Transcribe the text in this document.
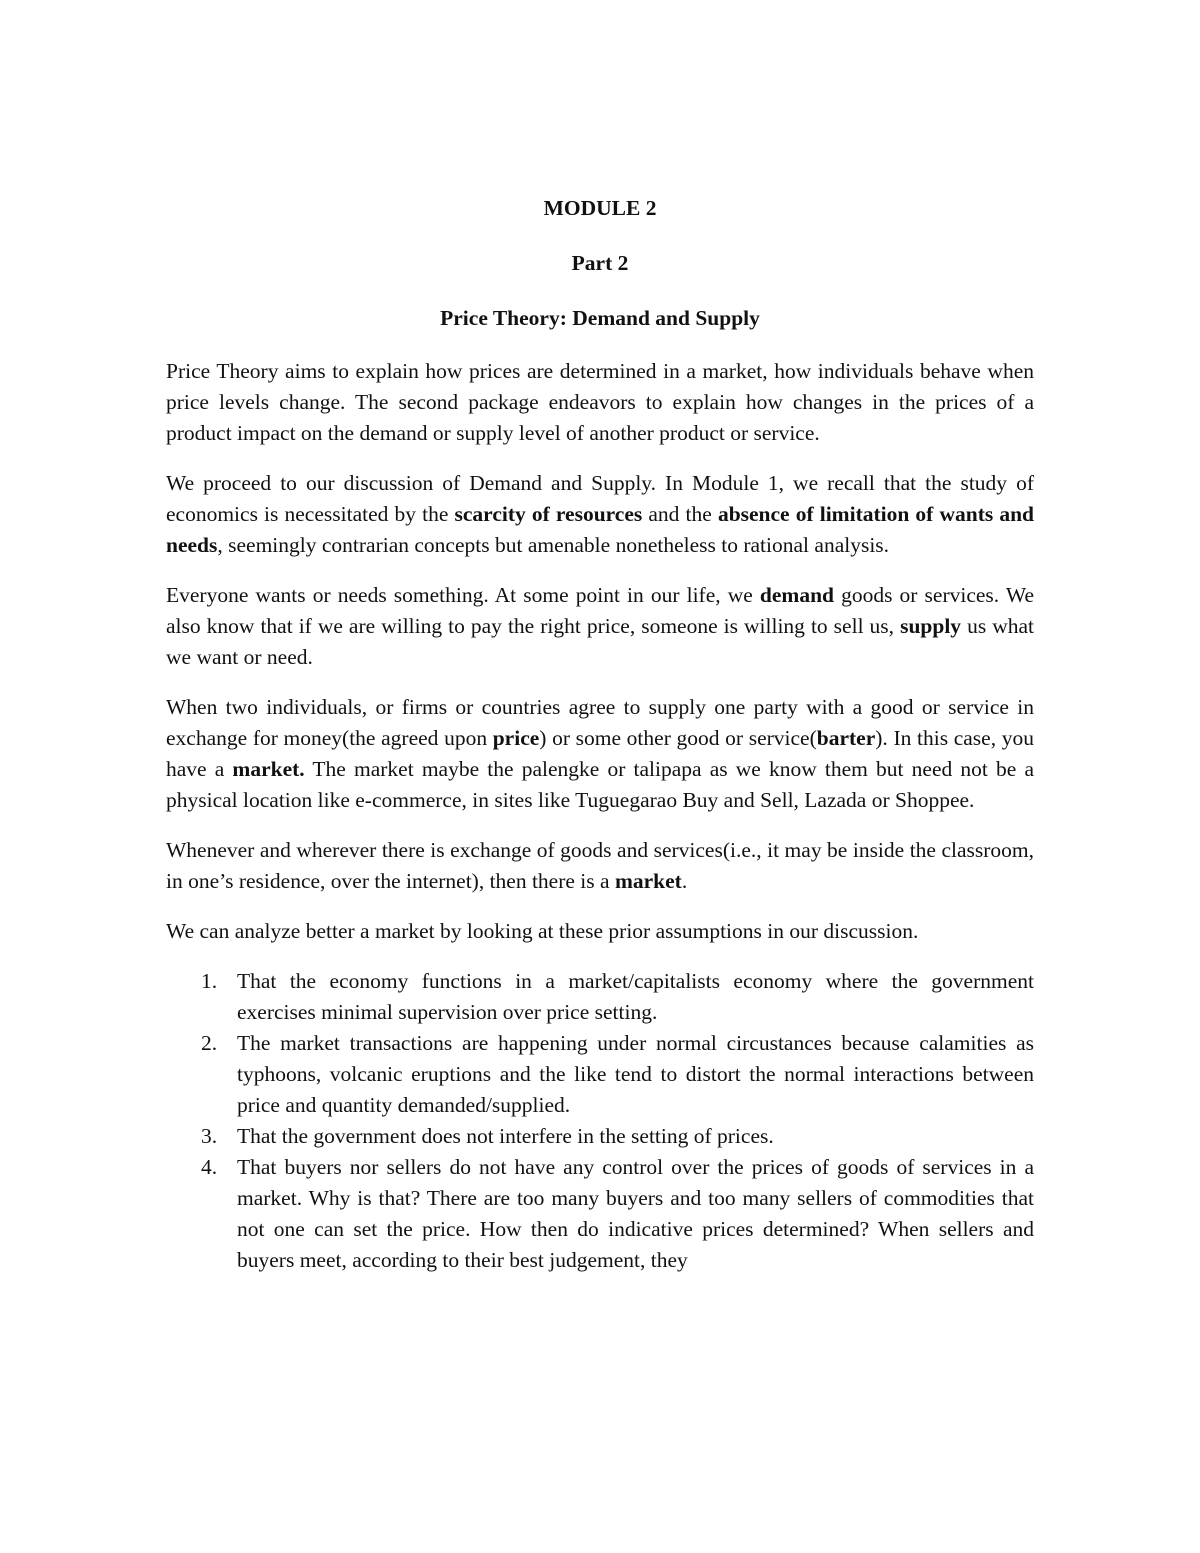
MODULE 2

Part 2

Price Theory: Demand and Supply

Price Theory aims to explain how prices are determined in a market, how individuals behave when price levels change. The second package endeavors to explain how changes in the prices of a product impact on the demand or supply level of another product or service.

We proceed to our discussion of Demand and Supply. In Module 1, we recall that the study of economics is necessitated by the scarcity of resources and the absence of limitation of wants and needs, seemingly contrarian concepts but amenable nonetheless to rational analysis.

Everyone wants or needs something. At some point in our life, we demand goods or services. We also know that if we are willing to pay the right price, someone is willing to sell us, supply us what we want or need.

When two individuals, or firms or countries agree to supply one party with a good or service in exchange for money(the agreed upon price) or some other good or service(barter). In this case, you have a market. The market maybe the palengke or talipapa as we know them but need not be a physical location like e-commerce, in sites like Tuguegarao Buy and Sell, Lazada or Shoppee.

Whenever and wherever there is exchange of goods and services(i.e., it may be inside the classroom, in one’s residence, over the internet), then there is a market.

We can analyze better a market by looking at these prior assumptions in our discussion.

1. That the economy functions in a market/capitalists economy where the government exercises minimal supervision over price setting.
2. The market transactions are happening under normal circustances because calamities as typhoons, volcanic eruptions and the like tend to distort the normal interactions between price and quantity demanded/supplied.
3. That the government does not interfere in the setting of prices.
4. That buyers nor sellers do not have any control over the prices of goods of services in a market. Why is that? There are too many buyers and too many sellers of commodities that not one can set the price. How then do indicative prices determined? When sellers and buyers meet, according to their best judgement, they
